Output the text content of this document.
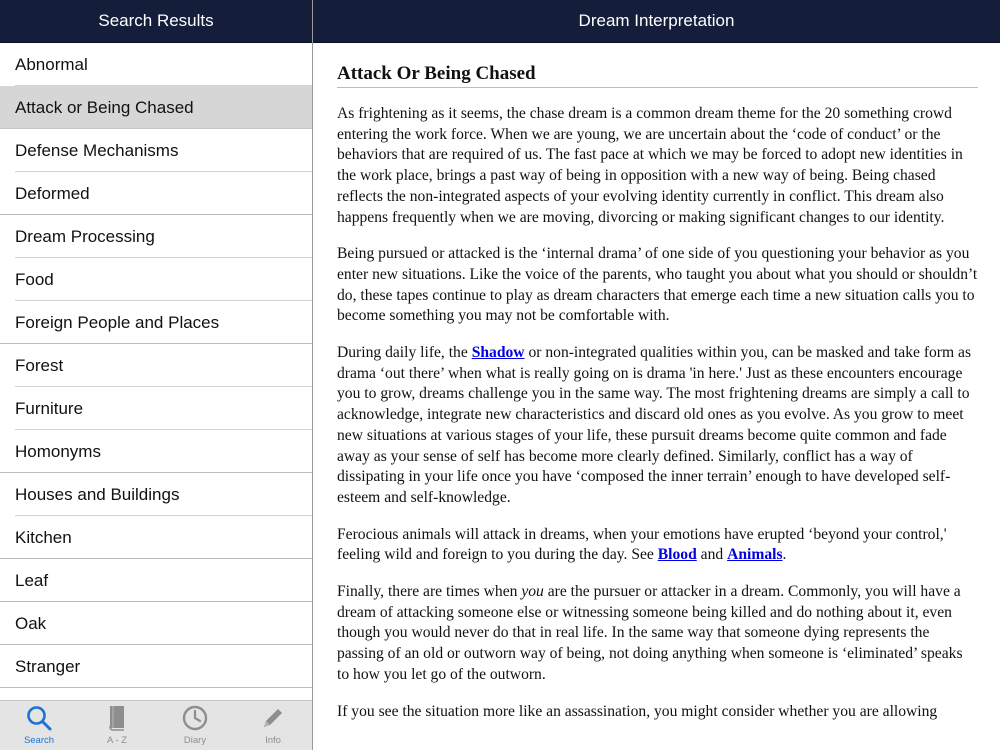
Search Results
Abnormal
Attack or Being Chased
Defense Mechanisms
Deformed
Dream Processing
Food
Foreign People and Places
Forest
Furniture
Homonyms
Houses and Buildings
Kitchen
Leaf
Oak
Stranger
Search	A - Z	Diary	Info
Dream Interpretation
Attack Or Being Chased

As frightening as it seems, the chase dream is a common dream theme for the 20 something crowd entering the work force. When we are young, we are uncertain about the ‘code of conduct’ or the behaviors that are required of us. The fast pace at which we may be forced to adopt new identities in the work place, brings a past way of being in opposition with a new way of being. Being chased reflects the non-integrated aspects of your evolving identity currently in conflict. This dream also happens frequently when we are moving, divorcing or making significant changes to our identity.

Being pursued or attacked is the ‘internal drama’ of one side of you questioning your behavior as you enter new situations. Like the voice of the parents, who taught you about what you should or shouldn’t do, these tapes continue to play as dream characters that emerge each time a new situation calls you to become something you may not be comfortable with.

During daily life, the Shadow or non-integrated qualities within you, can be masked and take form as drama ‘out there’ when what is really going on is drama 'in here.' Just as these encounters encourage you to grow, dreams challenge you in the same way. The most frightening dreams are simply a call to acknowledge, integrate new characteristics and discard old ones as you evolve. As you grow to meet new situations at various stages of your life, these pursuit dreams become quite common and fade away as your sense of self has become more clearly defined. Similarly, conflict has a way of dissipating in your life once you have ‘composed the inner terrain’ enough to have developed self-esteem and self-knowledge.

Ferocious animals will attack in dreams, when your emotions have erupted ‘beyond your control,' feeling wild and foreign to you during the day. See Blood and Animals.

Finally, there are times when you are the pursuer or attacker in a dream. Commonly, you will have a dream of attacking someone else or witnessing someone being killed and do nothing about it, even though you would never do that in real life. In the same way that someone dying represents the passing of an old or outworn way of being, not doing anything when someone is ‘eliminated’ speaks to how you let go of the outworn.

If you see the situation more like an assassination, you might consider whether you are allowing
